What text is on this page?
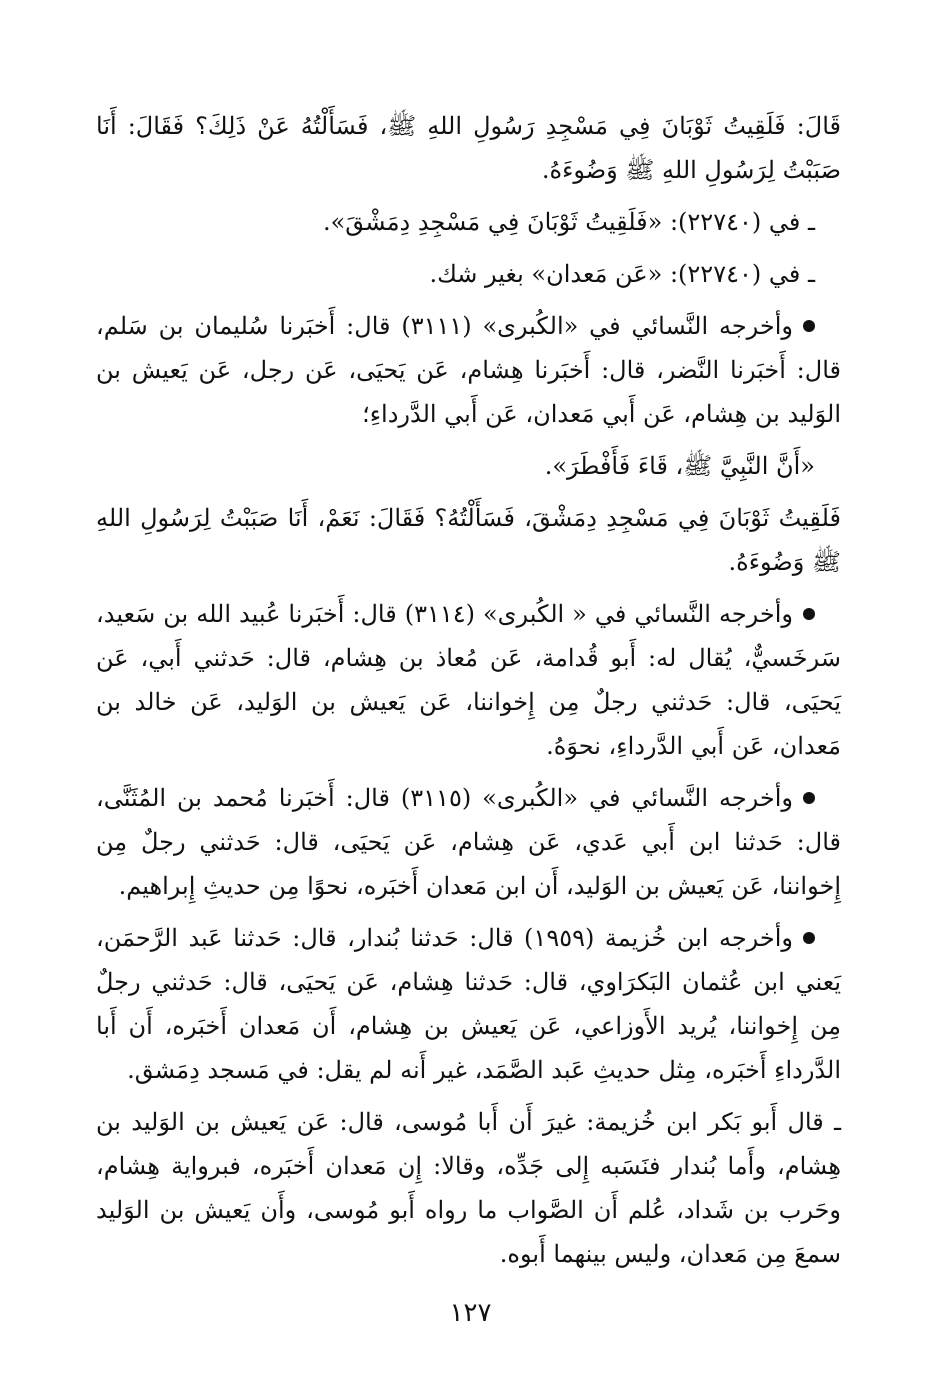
قَالَ: فَلَقِيتُ ثَوْبَانَ فِي مَسْجِدِ رَسُولِ اللهِ ﷺ، فَسَأَلْتُهُ عَنْ ذَلِكَ؟ فَقَالَ: أَنَا صَبَبْتُ لِرَسُولِ اللهِ ﷺ وَضُوءَهُ.

ـ في (٢٢٧٤٠): «فَلَقِيتُ ثَوْبَانَ فِي مَسْجِدِ دِمَشْقَ».

ـ في (٢٢٧٤٠): «عَن مَعدان» بغير شك.

وأخرجه النَّسائي في «الكُبرى» (٣١١١) قال: أَخبَرنا سُليمان بن سَلم، قال: أَخبَرنا النَّضر، قال: أَخبَرنا هِشام، عَن يَحيَى، عَن رجل، عَن يَعيش بن الوَليد بن هِشام، عَن أَبي مَعدان، عَن أَبي الدَّرداءِ؛

«أَنَّ النَّبِيَّ ﷺ، قَاءَ فَأَفْطَرَ».

فَلَقِيتُ ثَوْبَانَ فِي مَسْجِدِ دِمَشْقَ، فَسَأَلْتُهُ؟ فَقَالَ: نَعَمْ، أَنَا صَبَبْتُ لِرَسُولِ اللهِ ﷺ وَضُوءَهُ.

وأخرجه النَّسائي في « الكُبرى» (٣١١٤) قال: أَخبَرنا عُبيد الله بن سَعيد، سَرخَسيٌّ، يُقال له: أَبو قُدامة، عَن مُعاذ بن هِشام، قال: حَدثني أَبي، عَن يَحيَى، قال: حَدثني رجلٌ مِن إِخواننا، عَن يَعيش بن الوَليد، عَن خالد بن مَعدان، عَن أَبي الدَّرداءِ، نحوَهُ.

وأخرجه النَّسائي في «الكُبرى» (٣١١٥) قال: أَخبَرنا مُحمد بن المُثَنَّى، قال: حَدثنا ابن أَبي عَدي، عَن هِشام، عَن يَحيَى، قال: حَدثني رجلٌ مِن إِخواننا، عَن يَعيش بن الوَليد، أَن ابن مَعدان أَخبَره، نحوًا مِن حديثِ إِبراهيم.

وأخرجه ابن خُزيمة (١٩٥٩) قال: حَدثنا بُندار، قال: حَدثنا عَبد الرَّحمَن، يَعني ابن عُثمان البَكرَاوي، قال: حَدثنا هِشام، عَن يَحيَى، قال: حَدثني رجلٌ مِن إِخواننا، يُريد الأَوزاعي، عَن يَعيش بن هِشام، أَن مَعدان أَخبَره، أَن أَبا الدَّرداءِ أَخبَره، مِثل حديثِ عَبد الصَّمَد، غير أَنه لم يقل: في مَسجد دِمَشق.

ـ قال أَبو بَكر ابن خُزيمة: غيرَ أَن أَبا مُوسى، قال: عَن يَعيش بن الوَليد بن هِشام، وأَما بُندار فنَسَبه إِلى جَدِّه، وقالا: إِن مَعدان أَخبَره، فبرواية هِشام، وحَرب بن شَداد، عُلم أَن الصَّواب ما رواه أَبو مُوسى، وأَن يَعيش بن الوَليد سمعَ مِن مَعدان، وليس بينهما أَبوه.

١٢٧
